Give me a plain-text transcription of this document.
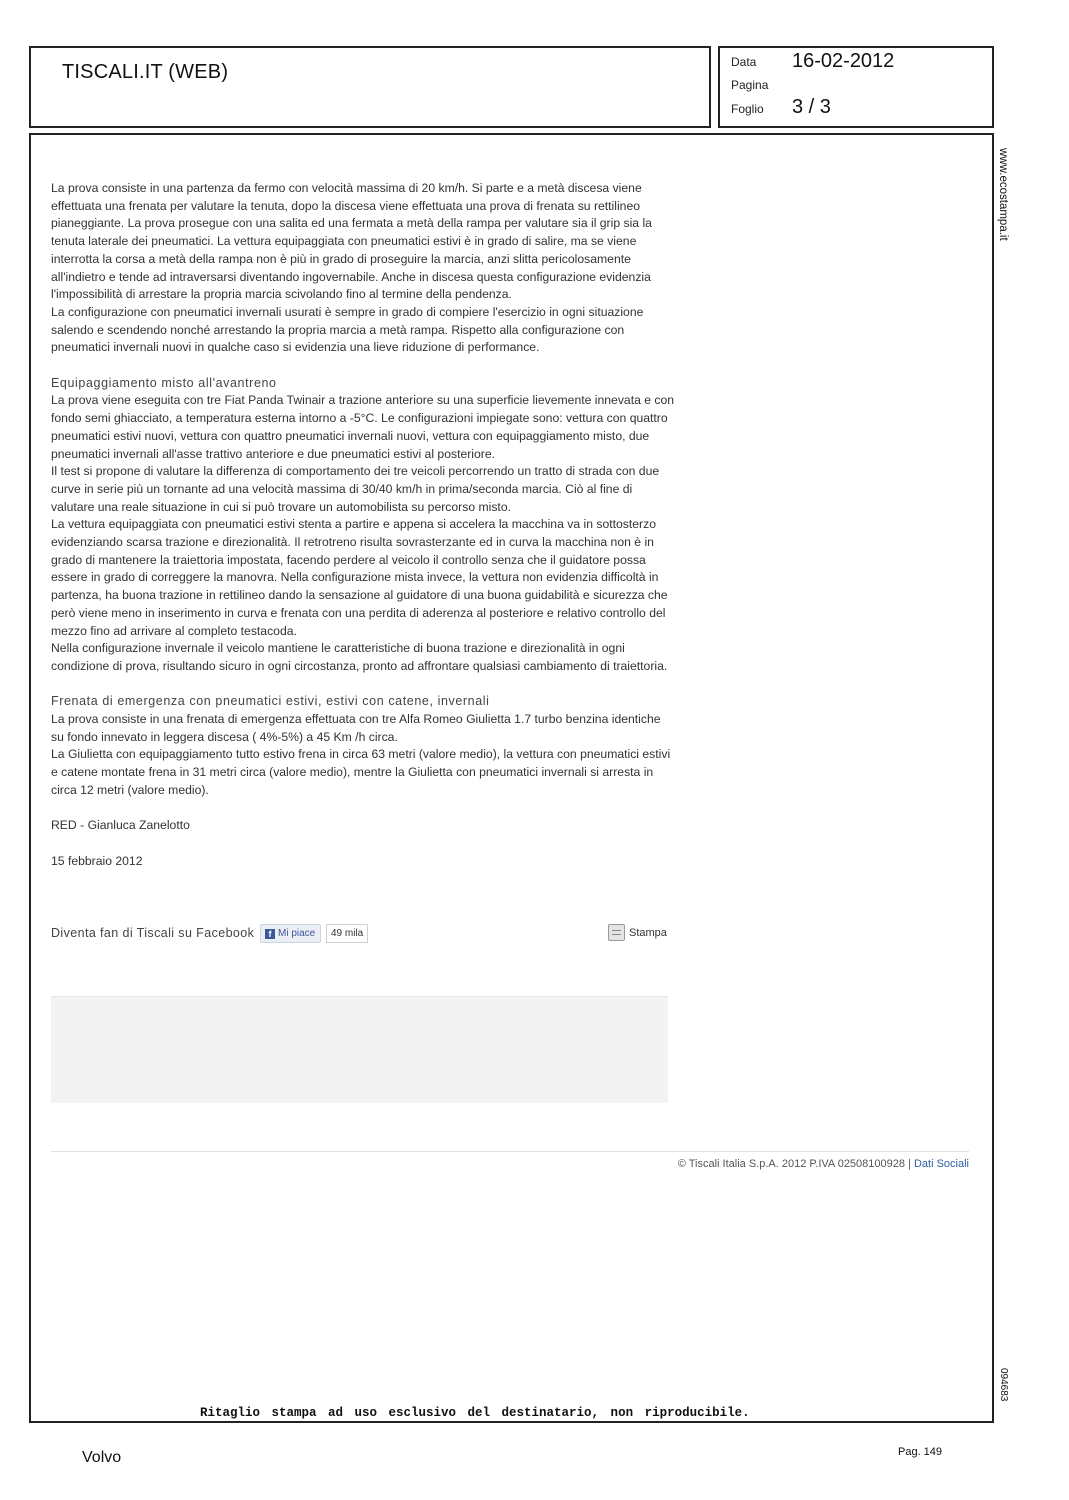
TISCALI.IT (WEB)	Data 16-02-2012
Pagina
Foglio 3 / 3

La prova consiste in una partenza da fermo con velocità massima di 20 km/h. Si parte e a metà discesa viene effettuata una frenata per valutare la tenuta, dopo la discesa viene effettuata una prova di frenata su rettilineo pianeggiante. La prova prosegue con una salita ed una fermata a metà della rampa per valutare sia il grip sia la tenuta laterale dei pneumatici. La vettura equipaggiata con pneumatici estivi è in grado di salire, ma se viene interrotta la corsa a metà della rampa non è più in grado di proseguire la marcia, anzi slitta pericolosamente all'indietro e tende ad intraversarsi diventando ingovernabile. Anche in discesa questa configurazione evidenzia l'impossibilità di arrestare la propria marcia scivolando fino al termine della pendenza.

La configurazione con pneumatici invernali usurati è sempre in grado di compiere l'esercizio in ogni situazione salendo e scendendo nonché arrestando la propria marcia a metà rampa. Rispetto alla configurazione con pneumatici invernali nuovi in qualche caso si evidenzia una lieve riduzione di performance.

Equipaggiamento misto all'avantreno

La prova viene eseguita con tre Fiat Panda Twinair a trazione anteriore su una superficie lievemente innevata e con fondo semi ghiacciato, a temperatura esterna intorno a -5°C. Le configurazioni impiegate sono: vettura con quattro pneumatici estivi nuovi, vettura con quattro pneumatici invernali nuovi, vettura con equipaggiamento misto, due pneumatici invernali all'asse trattivo anteriore e due pneumatici estivi al posteriore.

Il test si propone di valutare la differenza di comportamento dei tre veicoli percorrendo un tratto di strada con due curve in serie più un tornante ad una velocità massima di 30/40 km/h in prima/seconda marcia. Ciò al fine di valutare una reale situazione in cui si può trovare un automobilista su percorso misto.

La vettura equipaggiata con pneumatici estivi stenta a partire e appena si accelera la macchina va in sottosterzo evidenziando scarsa trazione e direzionalità. Il retrotreno risulta sovrasterzante ed in curva la macchina non è in grado di mantenere la traiettoria impostata, facendo perdere al veicolo il controllo senza che il guidatore possa essere in grado di correggere la manovra. Nella configurazione mista invece, la vettura non evidenzia difficoltà in partenza, ha buona trazione in rettilineo dando la sensazione al guidatore di una buona guidabilità e sicurezza che però viene meno in inserimento in curva e frenata con una perdita di aderenza al posteriore e relativo controllo del mezzo fino ad arrivare al completo testacoda.

Nella configurazione invernale il veicolo mantiene le caratteristiche di buona trazione e direzionalità in ogni condizione di prova, risultando sicuro in ogni circostanza, pronto ad affrontare qualsiasi cambiamento di traiettoria.

Frenata di emergenza con pneumatici estivi, estivi con catene, invernali

La prova consiste in una frenata di emergenza effettuata con tre Alfa Romeo Giulietta 1.7 turbo benzina identiche su fondo innevato in leggera discesa ( 4%-5%) a 45 Km /h circa.

La Giulietta con equipaggiamento tutto estivo frena in circa 63 metri (valore medio), la vettura con pneumatici estivi e catene montate frena in 31 metri circa (valore medio), mentre la Giulietta con pneumatici invernali si arresta in circa 12 metri (valore medio).

RED - Gianluca Zanelotto

15 febbraio 2012

Diventa fan di Tiscali su Facebook	f Mi piace	49 mila	Stampa
© Tiscali Italia S.p.A. 2012 P.IVA 02508100928 | Dati Sociali
www.ecostampa.it
094683
Ritaglio stampa ad uso esclusivo del destinatario, non riproducibile.
Volvo	Pag. 149
